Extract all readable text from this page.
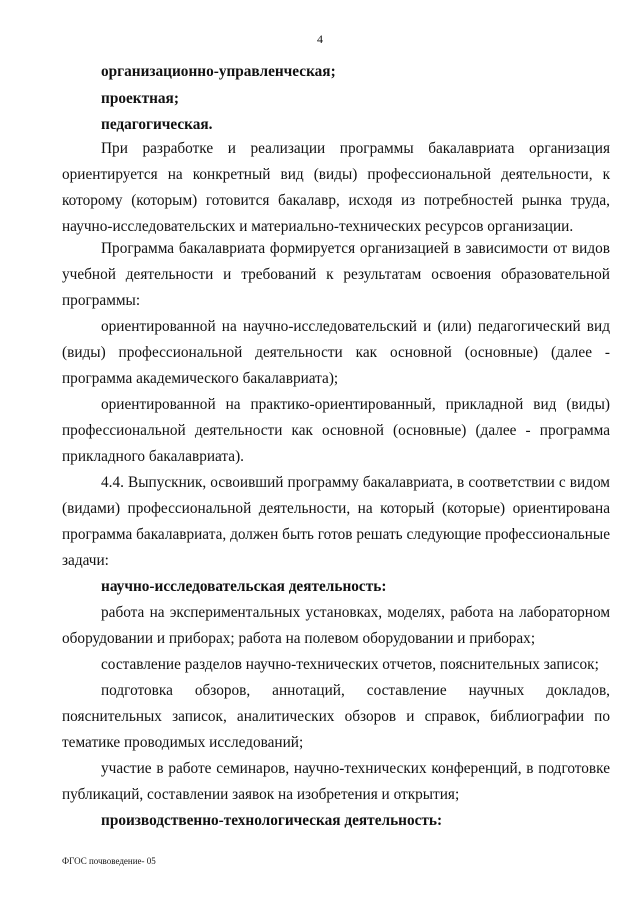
4

организационно-управленческая;

проектная;

педагогическая.

При разработке и реализации программы бакалавриата организация ориентируется на конкретный вид (виды) профессиональной деятельности, к которому (которым) готовится бакалавр, исходя из потребностей рынка труда, научно-исследовательских и материально-технических ресурсов организации.

Программа бакалавриата формируется организацией в зависимости от видов учебной деятельности и требований к результатам освоения образовательной программы:

ориентированной на научно-исследовательский и (или) педагогический вид (виды) профессиональной деятельности как основной (основные) (далее - программа академического бакалавриата);

ориентированной на практико-ориентированный, прикладной вид (виды) профессиональной деятельности как основной (основные) (далее - программа прикладного бакалавриата).

4.4. Выпускник, освоивший программу бакалавриата, в соответствии с видом (видами) профессиональной деятельности, на который (которые) ориентирована программа бакалавриата, должен быть готов решать следующие профессиональные задачи:

научно-исследовательская деятельность:

работа на экспериментальных установках, моделях, работа на лабораторном оборудовании и приборах; работа на полевом оборудовании и приборах;

составление разделов научно-технических отчетов, пояснительных записок;

подготовка обзоров, аннотаций, составление научных докладов, пояснительных записок, аналитических обзоров и справок, библиографии по тематике проводимых исследований;

участие в работе семинаров, научно-технических конференций, в подготовке публикаций, составлении заявок на изобретения и открытия;

производственно-технологическая деятельность:

ФГОС почвоведение- 05
